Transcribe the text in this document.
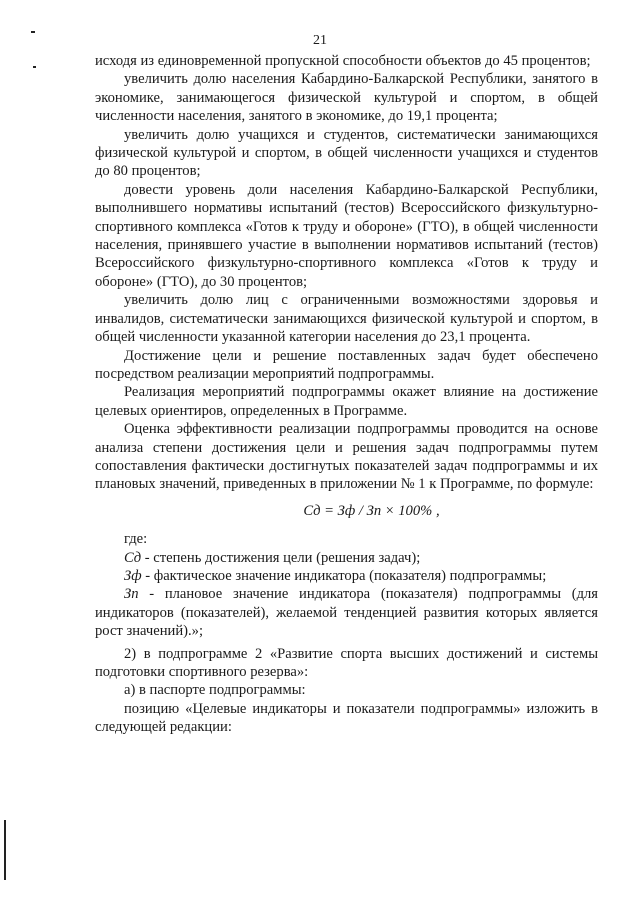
21

исходя из единовременной пропускной способности объектов до 45 процентов;

увеличить долю населения Кабардино-Балкарской Республики, занятого в экономике, занимающегося физической культурой и спортом, в общей численности населения, занятого в экономике, до 19,1 процента;

увеличить долю учащихся и студентов, систематически занимающихся физической культурой и спортом, в общей численности учащихся и студентов до 80 процентов;

довести уровень доли населения Кабардино-Балкарской Республики, выполнившего нормативы испытаний (тестов) Всероссийского физкультурно-спортивного комплекса «Готов к труду и обороне» (ГТО), в общей численности населения, принявшего участие в выполнении нормативов испытаний (тестов) Всероссийского физкультурно-спортивного комплекса «Готов к труду и обороне» (ГТО), до 30 процентов;

увеличить долю лиц с ограниченными возможностями здоровья и инвалидов, систематически занимающихся физической культурой и спортом, в общей численности указанной категории населения до 23,1 процента.

Достижение цели и решение поставленных задач будет обеспечено посредством реализации мероприятий подпрограммы.

Реализация мероприятий подпрограммы окажет влияние на достижение целевых ориентиров, определенных в Программе.

Оценка эффективности реализации подпрограммы проводится на основе анализа степени достижения цели и решения задач подпрограммы путем сопоставления фактически достигнутых показателей задач подпрограммы и их плановых значений, приведенных в приложении № 1 к Программе, по формуле:

Сд = Зф / Зп × 100% ,

где:

Сд - степень достижения цели (решения задач);

Зф - фактическое значение индикатора (показателя) подпрограммы;

Зп - плановое значение индикатора (показателя) подпрограммы (для индикаторов (показателей), желаемой тенденцией развития которых является рост значений).»;

2) в подпрограмме 2 «Развитие спорта высших достижений и системы подготовки спортивного резерва»:

а) в паспорте подпрограммы:

позицию «Целевые индикаторы и показатели подпрограммы» изложить в следующей редакции:
